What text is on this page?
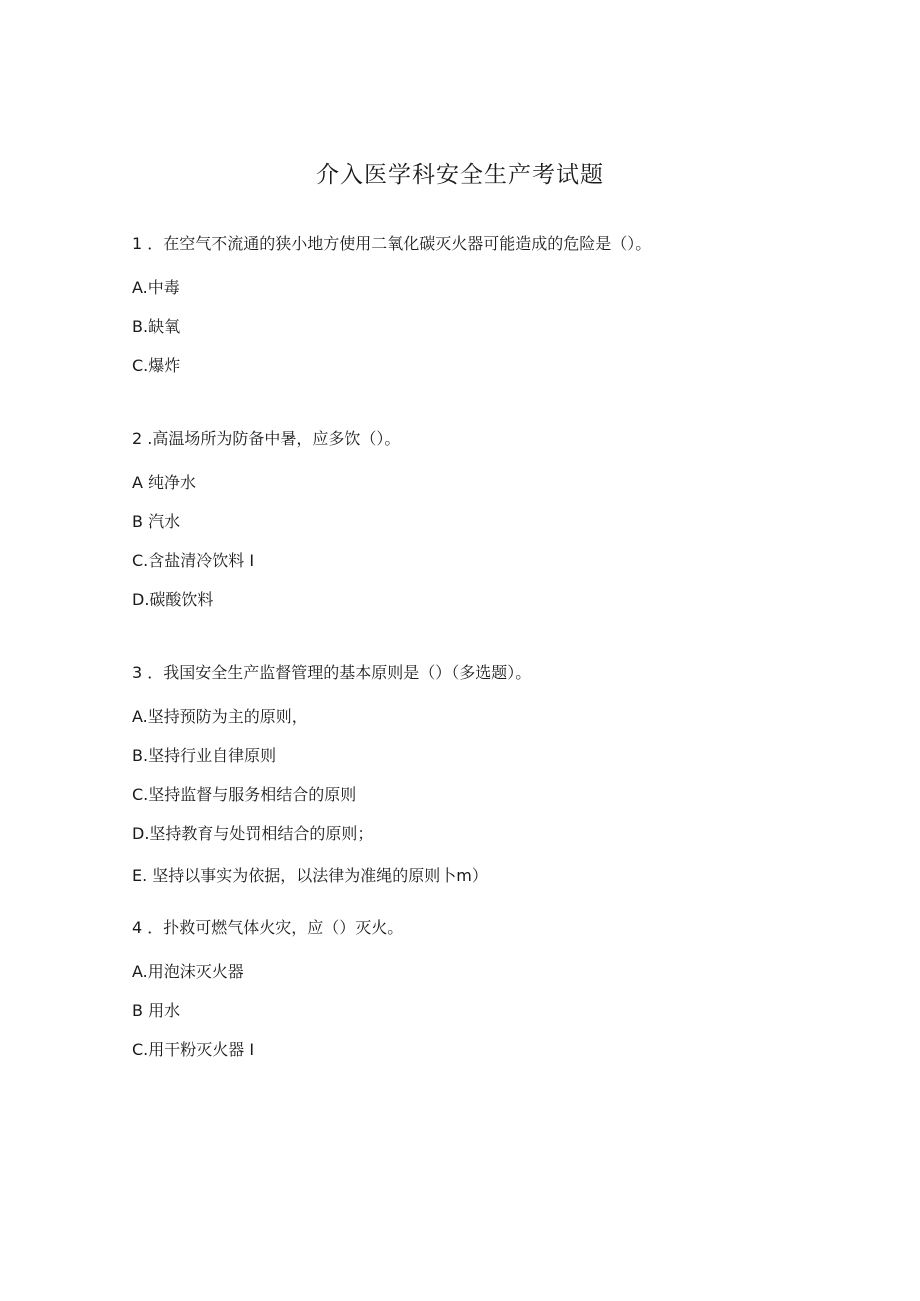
介入医学科安全生产考试题
1 ．在空气不流通的狭小地方使用二氧化碳灭火器可能造成的危险是（）。
A.中毒
B.缺氧
C.爆炸
2 .高温场所为防备中暑，应多饮（）。
A 纯净水
B 汽水
C.含盐清冷饮料 I
D.碳酸饮料
3 ．我国安全生产监督管理的基本原则是（）（多选题）。
A.坚持预防为主的原则，
B.坚持行业自律原则
C.坚持监督与服务相结合的原则
D.坚持教育与处罚相结合的原则；
E. 坚持以事实为依据，以法律为准绳的原则卜m）
4 ．扑救可燃气体火灾，应（）灭火。
A.用泡沫灭火器
B 用水
C.用干粉灭火器 I
